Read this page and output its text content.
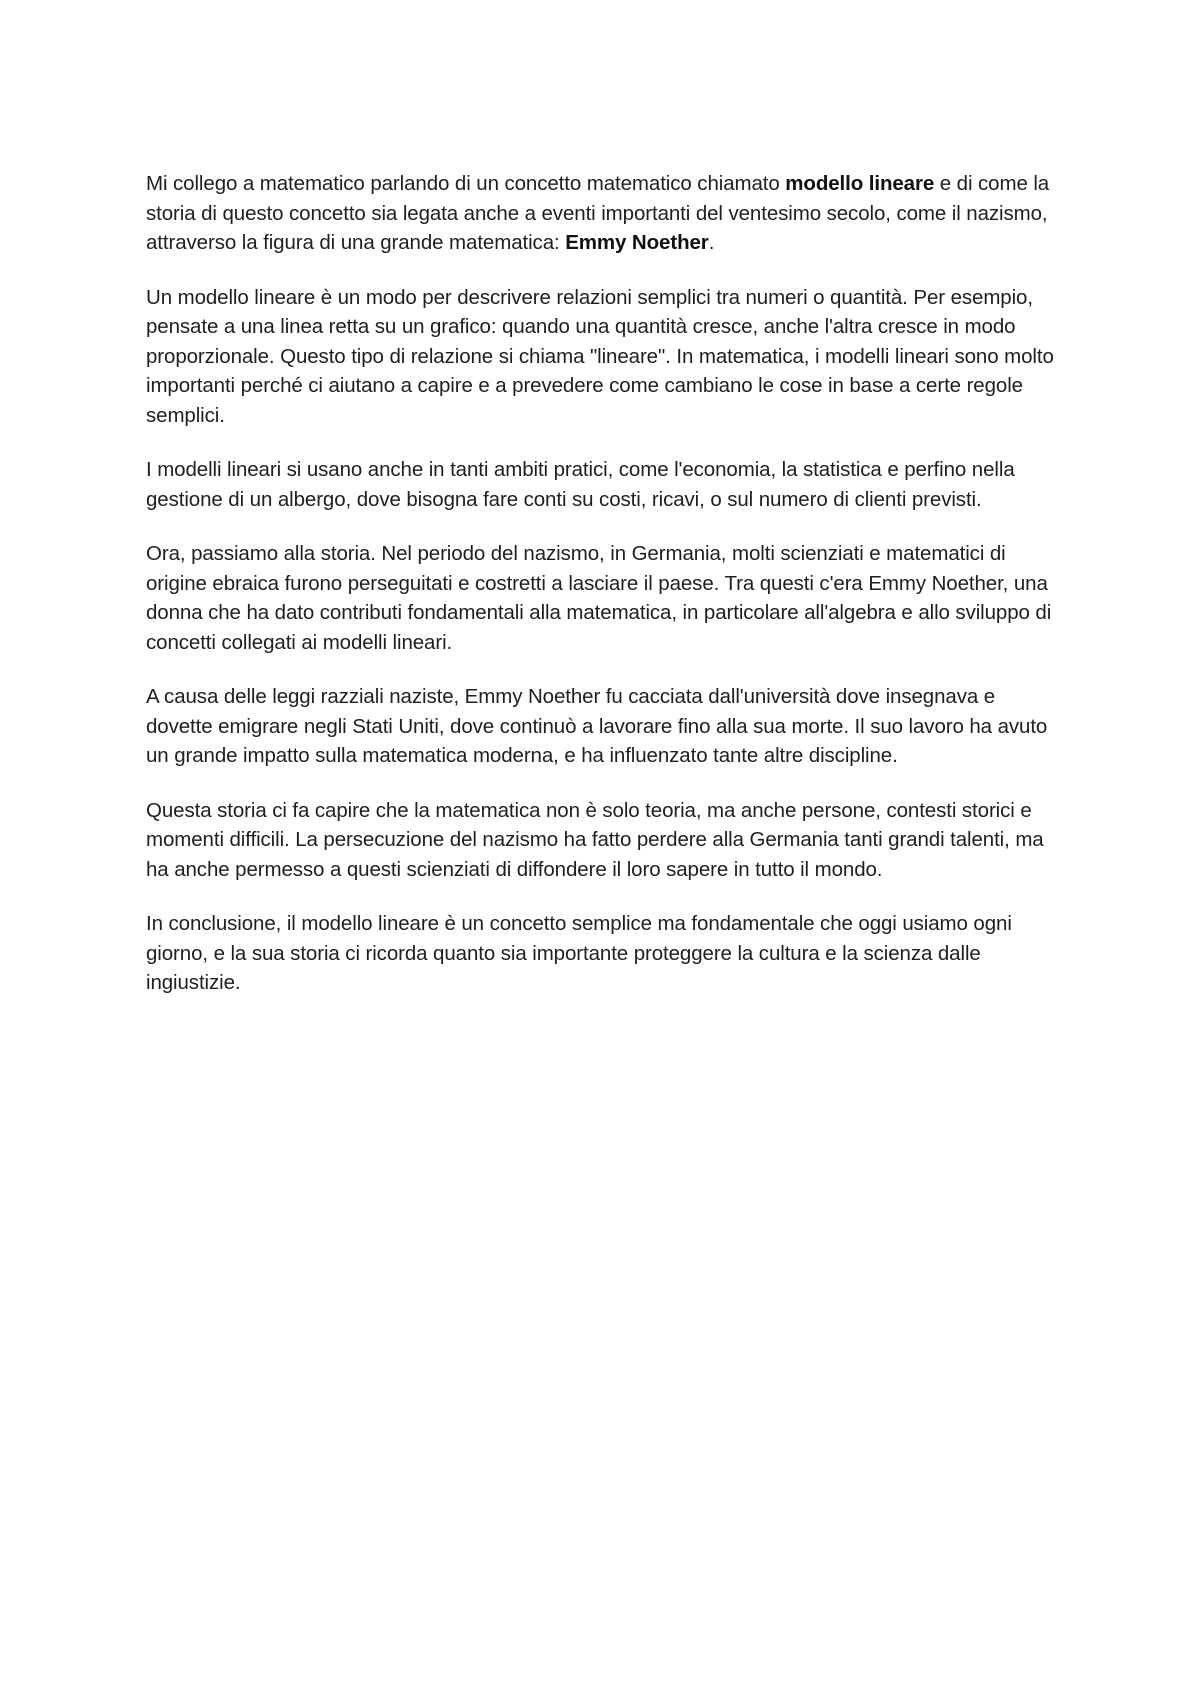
Mi collego a matematico parlando di un concetto matematico chiamato modello lineare e di come la storia di questo concetto sia legata anche a eventi importanti del ventesimo secolo, come il nazismo, attraverso la figura di una grande matematica: Emmy Noether.

Un modello lineare è un modo per descrivere relazioni semplici tra numeri o quantità. Per esempio, pensate a una linea retta su un grafico: quando una quantità cresce, anche l'altra cresce in modo proporzionale. Questo tipo di relazione si chiama "lineare". In matematica, i modelli lineari sono molto importanti perché ci aiutano a capire e a prevedere come cambiano le cose in base a certe regole semplici.

I modelli lineari si usano anche in tanti ambiti pratici, come l'economia, la statistica e perfino nella gestione di un albergo, dove bisogna fare conti su costi, ricavi, o sul numero di clienti previsti.

Ora, passiamo alla storia. Nel periodo del nazismo, in Germania, molti scienziati e matematici di origine ebraica furono perseguitati e costretti a lasciare il paese. Tra questi c'era Emmy Noether, una donna che ha dato contributi fondamentali alla matematica, in particolare all'algebra e allo sviluppo di concetti collegati ai modelli lineari.

A causa delle leggi razziali naziste, Emmy Noether fu cacciata dall'università dove insegnava e dovette emigrare negli Stati Uniti, dove continuò a lavorare fino alla sua morte. Il suo lavoro ha avuto un grande impatto sulla matematica moderna, e ha influenzato tante altre discipline.

Questa storia ci fa capire che la matematica non è solo teoria, ma anche persone, contesti storici e momenti difficili. La persecuzione del nazismo ha fatto perdere alla Germania tanti grandi talenti, ma ha anche permesso a questi scienziati di diffondere il loro sapere in tutto il mondo.

In conclusione, il modello lineare è un concetto semplice ma fondamentale che oggi usiamo ogni giorno, e la sua storia ci ricorda quanto sia importante proteggere la cultura e la scienza dalle ingiustizie.
